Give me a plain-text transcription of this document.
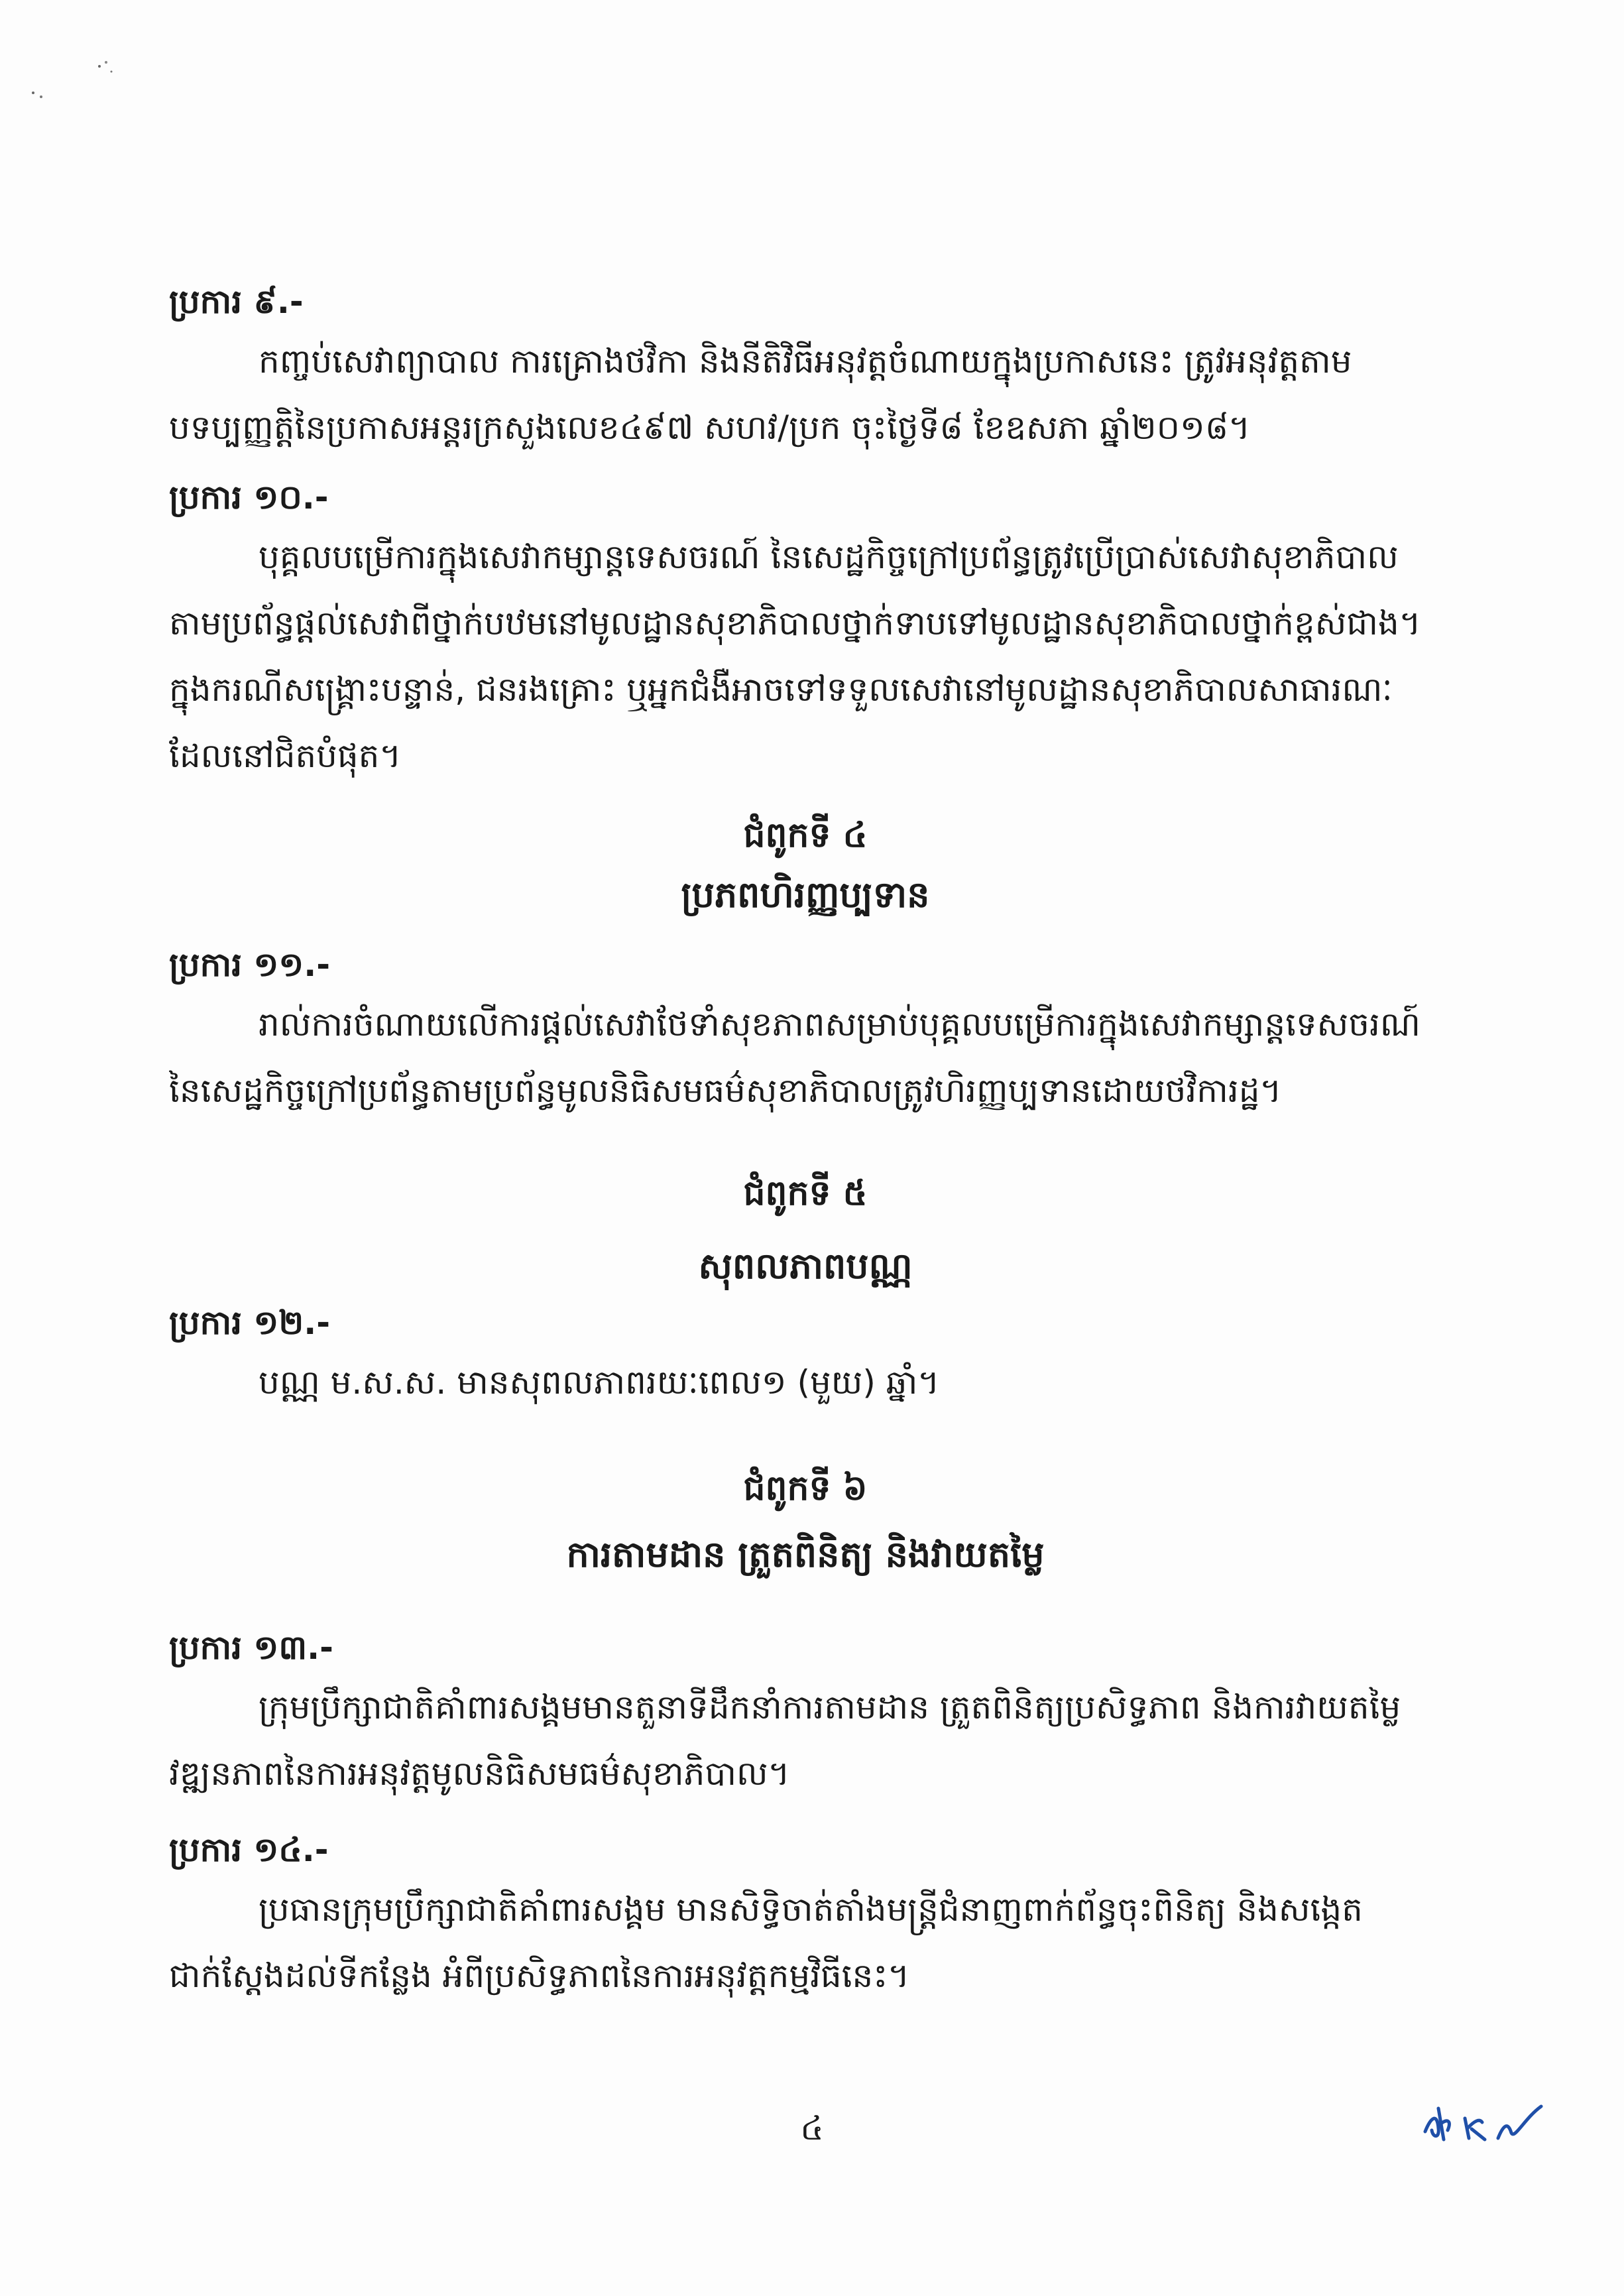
ប្រការ ៩.-
កញ្ចប់សេវាព្យាបាល ការគ្រោងថវិកា និងនីតិវិធីអនុវត្តចំណាយក្នុងប្រកាសនេះ ត្រូវអនុវត្តតាម
បទប្បញ្ញត្តិនៃប្រកាសអន្តរក្រសួងលេខ៤៩៧ សហវ/ប្រក ចុះថ្ងៃទី៨ ខែឧសភា ឆ្នាំ២០១៨។
ប្រការ ១០.-
បុគ្គលបម្រើការក្នុងសេវាកម្សាន្តទេសចរណ៍ នៃសេដ្ឋកិច្ចក្រៅប្រព័ន្ធត្រូវប្រើប្រាស់សេវាសុខាភិបាល
តាមប្រព័ន្ធផ្តល់សេវាពីថ្នាក់បឋមនៅមូលដ្ឋានសុខាភិបាលថ្នាក់ទាបទៅមូលដ្ឋានសុខាភិបាលថ្នាក់ខ្ពស់ជាង។
ក្នុងករណីសង្គ្រោះបន្ទាន់, ជនរងគ្រោះ ឬអ្នកជំងឺអាចទៅទទួលសេវានៅមូលដ្ឋានសុខាភិបាលសាធារណៈ
ដែលនៅជិតបំផុត។
ជំពូកទី ៤
ប្រភពហិរញ្ញប្បទាន
ប្រការ ១១.-
រាល់ការចំណាយលើការផ្តល់សេវាថែទាំសុខភាពសម្រាប់បុគ្គលបម្រើការក្នុងសេវាកម្សាន្តទេសចរណ៍
នៃសេដ្ឋកិច្ចក្រៅប្រព័ន្ធតាមប្រព័ន្ធមូលនិធិសមធម៌សុខាភិបាលត្រូវហិរញ្ញប្បទានដោយថវិការដ្ឋ។
ជំពូកទី ៥
សុពលភាពបណ្ណ
ប្រការ ១២.-
បណ្ណ ម.ស.ស. មានសុពលភាពរយៈពេល១ (មួយ) ឆ្នាំ។
ជំពូកទី ៦
ការតាមដាន ត្រួតពិនិត្យ និងវាយតម្លៃ
ប្រការ ១៣.-
ក្រុមប្រឹក្សាជាតិគាំពារសង្គមមានតួនាទីដឹកនាំការតាមដាន ត្រួតពិនិត្យប្រសិទ្ធភាព និងការវាយតម្លៃ
វឌ្ឍនភាពនៃការអនុវត្តមូលនិធិសមធម៌សុខាភិបាល។
ប្រការ ១៤.-
ប្រធានក្រុមប្រឹក្សាជាតិគាំពារសង្គម មានសិទ្ធិចាត់តាំងមន្ត្រីជំនាញពាក់ព័ន្ធចុះពិនិត្យ និងសង្កេត
ជាក់ស្តែងដល់ទីកន្លែង អំពីប្រសិទ្ធភាពនៃការអនុវត្តកម្មវិធីនេះ។
៤
